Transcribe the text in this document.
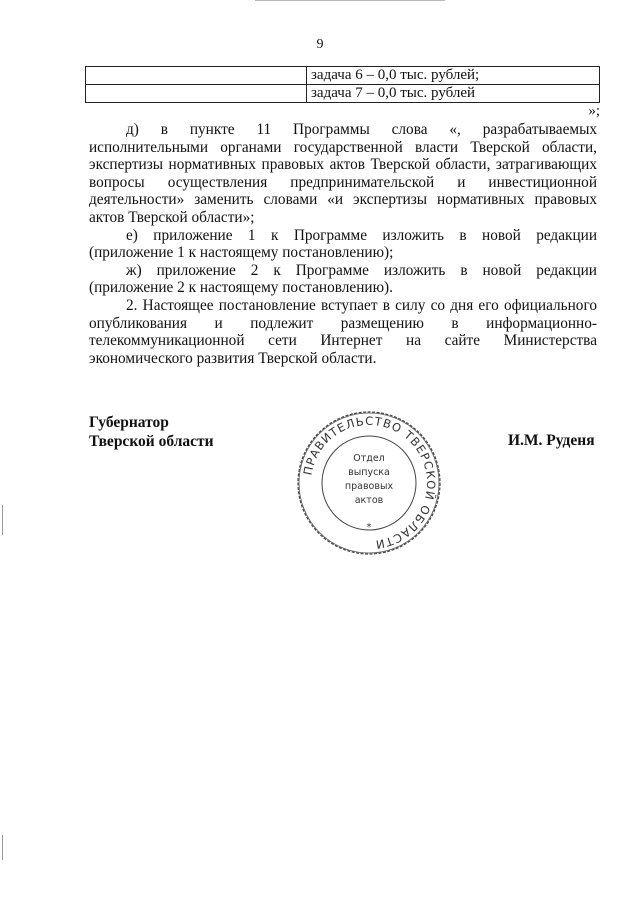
9
	задача 6 – 0,0 тыс. рублей;
	задача 7 – 0,0 тыс. рублей
»;

д) в пункте 11 Программы слова «, разрабатываемых

исполнительными органами государственной власти Тверской области, экспертизы нормативных правовых актов Тверской области, затрагивающих вопросы осуществления предпринимательской и инвестиционной деятельности» заменить словами «и экспертизы нормативных правовых актов Тверской области»;

е) приложение 1 к Программе изложить в новой редакции

(приложение 1 к настоящему постановлению);

ж) приложение 2 к Программе изложить в новой редакции

(приложение 2 к настоящему постановлению).

2. Настоящее постановление вступает в силу со дня его официального

опубликования и подлежит размещению в информационно-телекоммуникационной сети Интернет на сайте Министерства экономического развития Тверской области.

Губернатор
Тверской области
ПРАВИТЕЛЬСТВО ТВЕРСКОЙ ОБЛАСТИ
Отдел
выпуска
правовых
актов
*
И.М. Руденя
